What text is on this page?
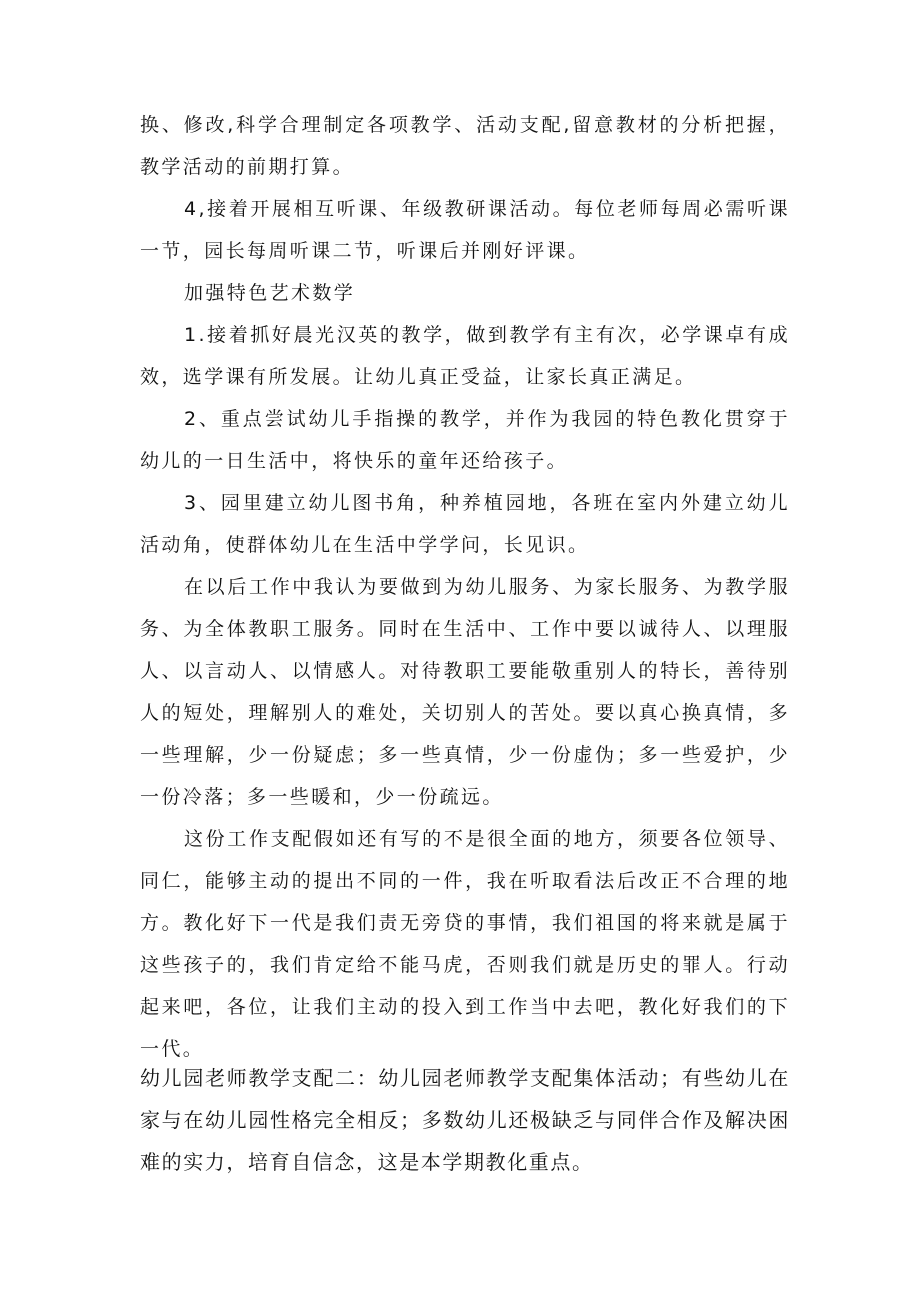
换、修改,科学合理制定各项教学、活动支配,留意教材的分析把握，教学活动的前期打算。

4,接着开展相互听课、年级教研课活动。每位老师每周必需听课一节，园长每周听课二节，听课后并刚好评课。

加强特色艺术数学

1.接着抓好晨光汉英的教学，做到教学有主有次，必学课卓有成效，选学课有所发展。让幼儿真正受益，让家长真正满足。

2、重点尝试幼儿手指操的教学，并作为我园的特色教化贯穿于幼儿的一日生活中，将快乐的童年还给孩子。

3、园里建立幼儿图书角，种养植园地，各班在室内外建立幼儿活动角，使群体幼儿在生活中学学问，长见识。

在以后工作中我认为要做到为幼儿服务、为家长服务、为教学服务、为全体教职工服务。同时在生活中、工作中要以诚待人、以理服人、以言动人、以情感人。对待教职工要能敬重别人的特长，善待别人的短处，理解别人的难处，关切别人的苦处。要以真心换真情，多一些理解，少一份疑虑；多一些真情，少一份虚伪；多一些爱护，少一份冷落；多一些暖和，少一份疏远。

这份工作支配假如还有写的不是很全面的地方，须要各位领导、同仁，能够主动的提出不同的一件，我在听取看法后改正不合理的地方。教化好下一代是我们责无旁贷的事情，我们祖国的将来就是属于这些孩子的，我们肯定给不能马虎，否则我们就是历史的罪人。行动起来吧，各位，让我们主动的投入到工作当中去吧，教化好我们的下一代。

幼儿园老师教学支配二：幼儿园老师教学支配集体活动；有些幼儿在家与在幼儿园性格完全相反；多数幼儿还极缺乏与同伴合作及解决困难的实力，培育自信念，这是本学期教化重点。
